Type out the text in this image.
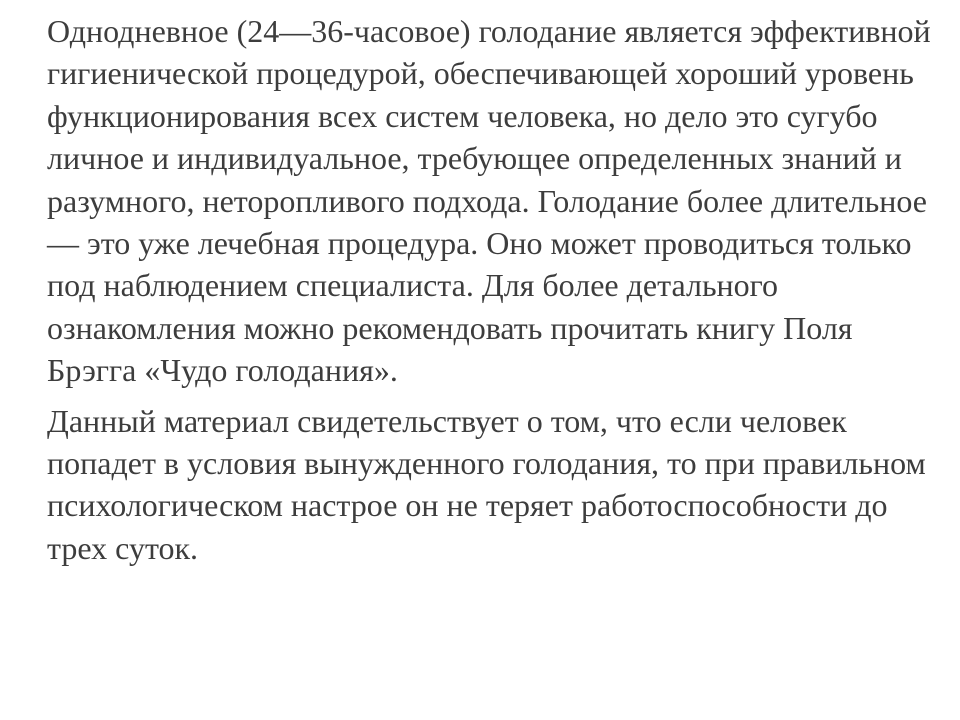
Однодневное (24—36-часовое) голодание является эффективной гигиенической процедурой, обеспечивающей хороший уровень функционирования всех систем человека, но дело это сугубо личное и индивидуальное, требующее определенных знаний и разумного, неторопливого подхода. Голодание более длительное — это уже лечебная процедура. Оно может проводиться только под наблюдением специалиста. Для более детального ознакомления можно рекомендовать прочитать книгу Поля Брэгга «Чудо голодания».

Данный материал свидетельствует о том, что если человек попадет в условия вынужденного голодания, то при правильном психологическом настрое он не теряет работоспособности до трех суток.
